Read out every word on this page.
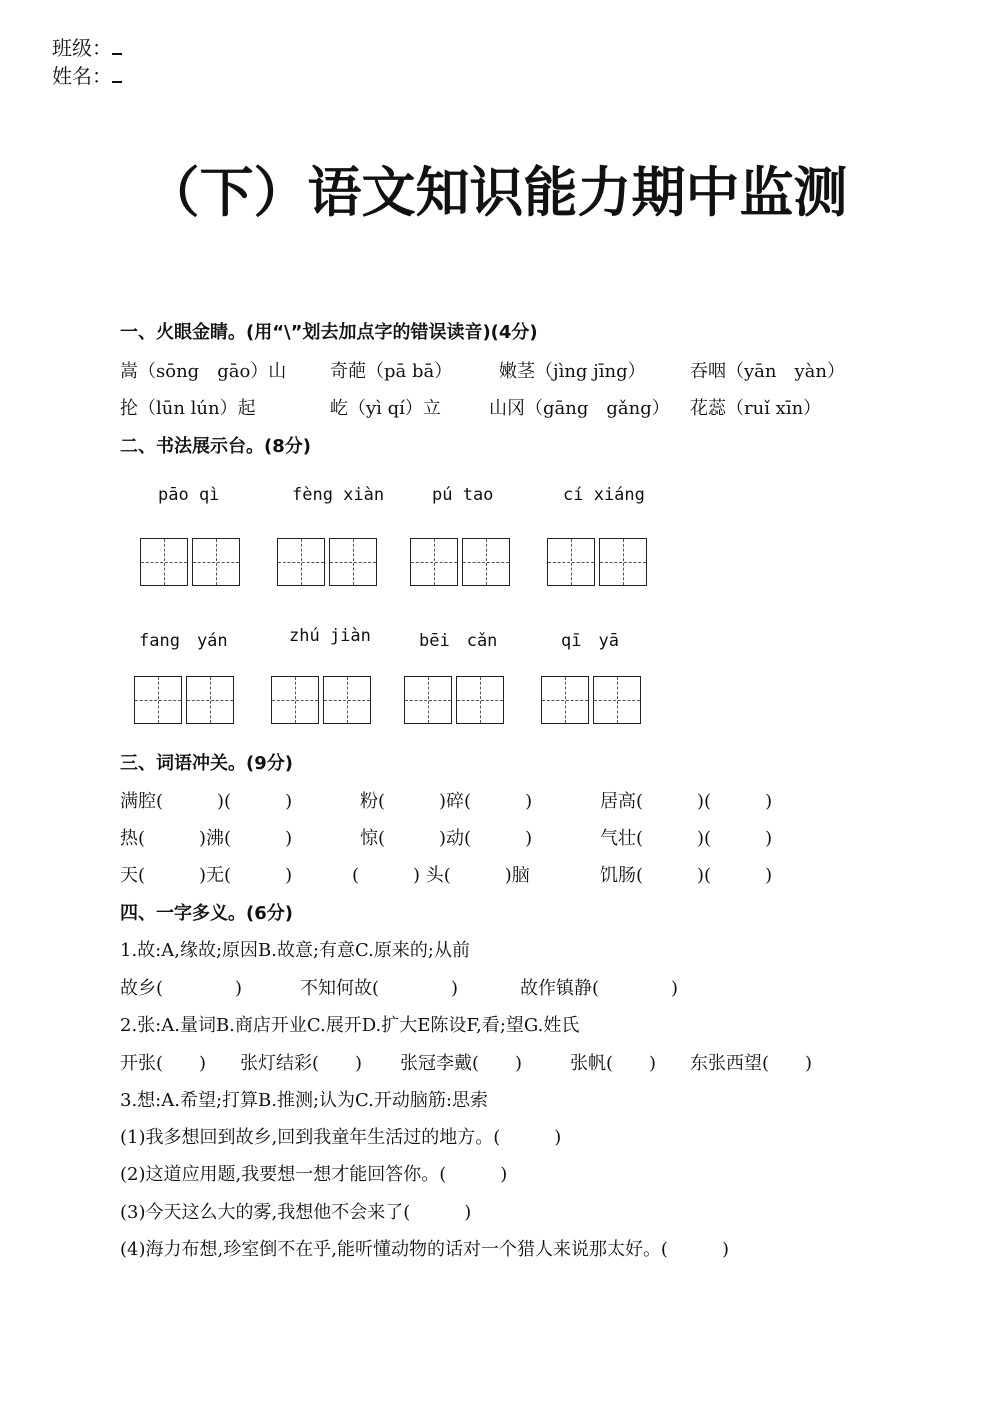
班级：
姓名：
（下）语文知识能力期中监测
一、火眼金睛。(用“\”划去加点字的错误读音)(4分)
嵩（sōng　gāo）山 奇葩（pā bā）	嫩茎（jìng jīng） 吞咽（yān　yàn）
抡（lūn lún）起	屹（yì qí）立	山冈（gāng　gǎng） 花蕊（ruǐ xīn）
二、书法展示台。(8分)
pāo qì	fèng xiàn	pú tao	cí xiáng
fang　yán	zhú jiàn	bēi　cǎn	qī　yā
三、词语冲关。(9分)
满腔(　　　)(　　　)	粉(　　　)碎(　　　)	居高(　　　)(　　　)
热(　　　)沸(　　　)	惊(　　　)动(　　　)	气壮(　　　)(　　　)
天(　　　)无(　　　)	(　　　) 头(　　　)脑	饥肠(　　　)(　　　)
四、一字多义。(6分)
1.故:A,缘故;原因B.故意;有意C.原来的;从前
故乡(　　　　)	不知何故(　　　　)	故作镇静(　　　　)
2.张:A.量词B.商店开业C.展开D.扩大E陈设F,看;望G.姓氏
开张(　　) 张灯结彩(　　) 张冠李戴(　　)	张帆(　　) 东张西望(　　)
3.想:A.希望;打算B.推测;认为C.开动脑筋:思索
(1)我多想回到故乡,回到我童年生活过的地方。(　　　)
(2)这道应用题,我要想一想才能回答你。(　　　)
(3)今天这么大的雾,我想他不会来了(　　　)
(4)海力布想,珍室倒不在乎,能听懂动物的话对一个猎人来说那太好。(　　　)
